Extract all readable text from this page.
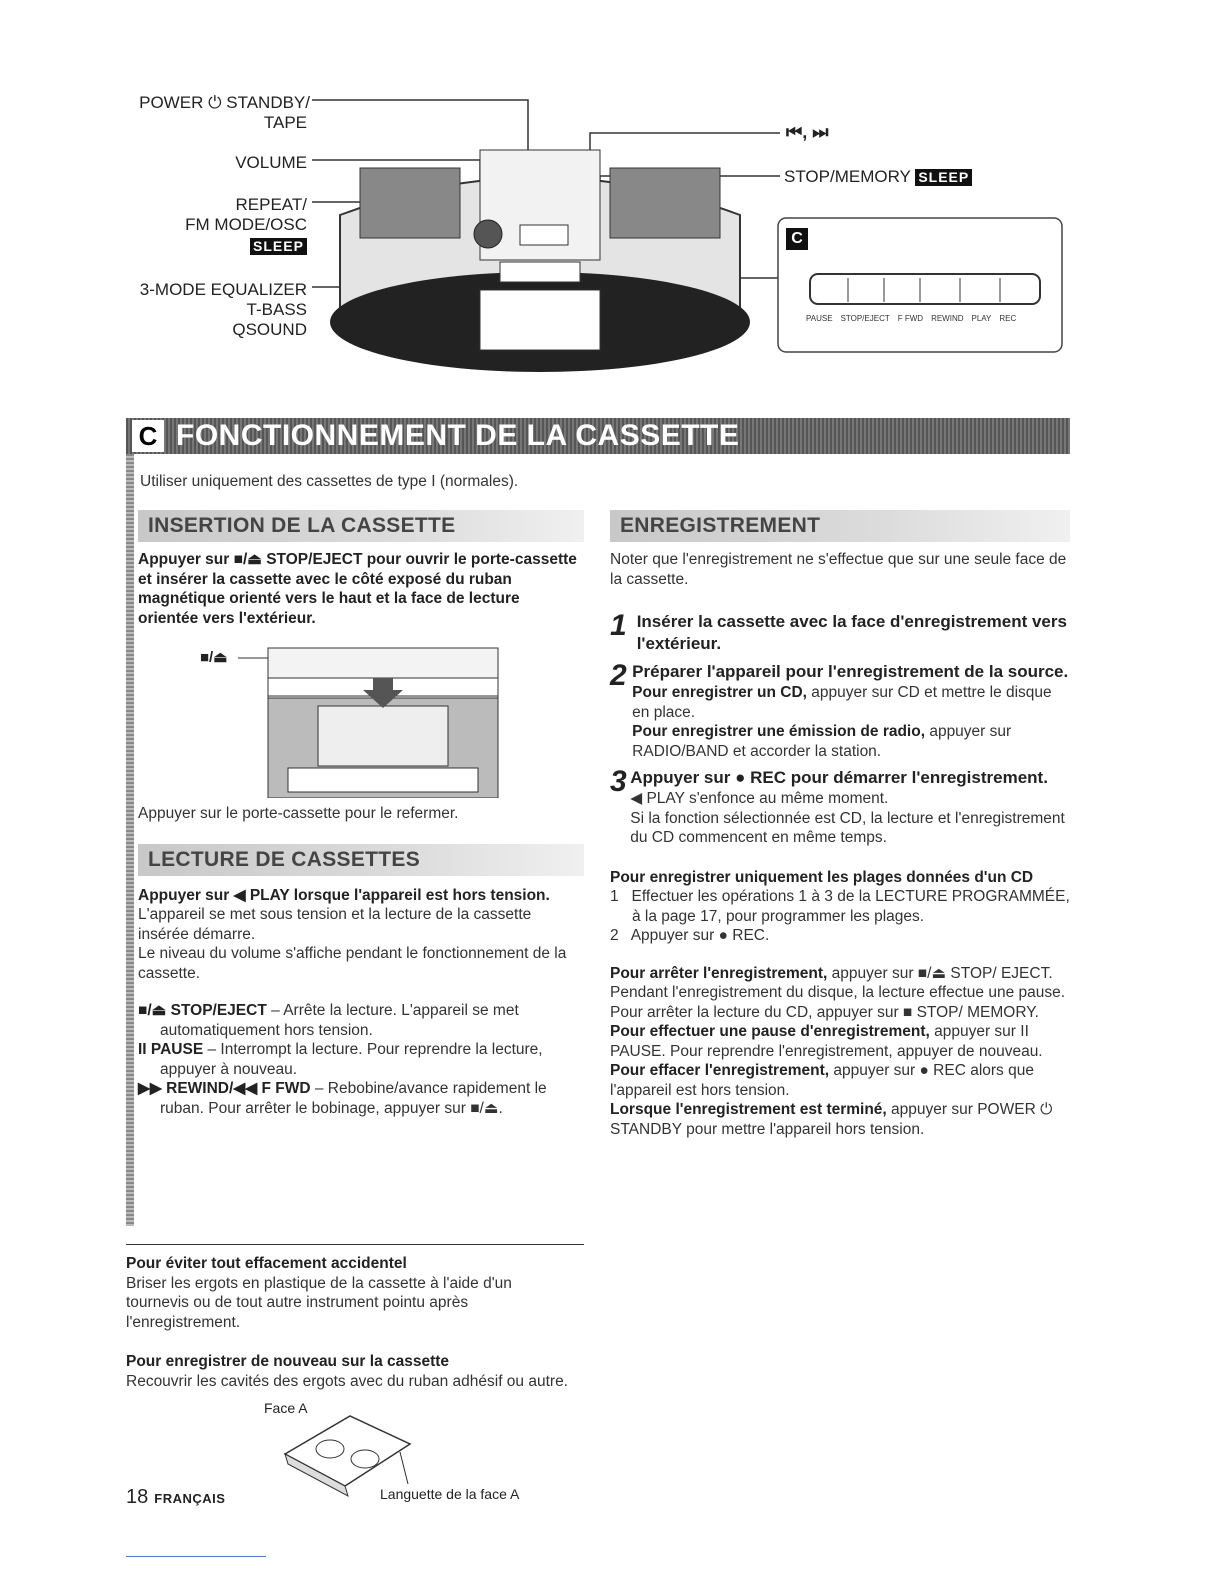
POWER ⏻ STANDBY/
TAPE
VOLUME
REPEAT/
FM MODE/OSC
SLEEP
3-MODE EQUALIZER
T-BASS
QSOUND
⏮, ⏭
STOP/MEMORY SLEEP
C
PAUSE STOP/EJECT F FWD REWIND PLAY REC
C FONCTIONNEMENT DE LA CASSETTE
Utiliser uniquement des cassettes de type I (normales).
INSERTION DE LA CASSETTE
Appuyer sur ■/⏏ STOP/EJECT pour ouvrir le porte-cassette et insérer la cassette avec le côté exposé du ruban magnétique orienté vers le haut et la face de lecture orientée vers l'extérieur.
■/⏏
Appuyer sur le porte-cassette pour le refermer.
LECTURE DE CASSETTES
Appuyer sur ◀ PLAY lorsque l'appareil est hors tension.
L'appareil se met sous tension et la lecture de la cassette insérée démarre.
Le niveau du volume s'affiche pendant le fonctionnement de la cassette.
■/⏏ STOP/EJECT – Arrête la lecture. L'appareil se met automatiquement hors tension.
II PAUSE – Interrompt la lecture. Pour reprendre la lecture, appuyer à nouveau.
▶▶ REWIND/◀◀ F FWD – Rebobine/avance rapidement le ruban. Pour arrêter le bobinage, appuyer sur ■/⏏.
Pour éviter tout effacement accidentel
Briser les ergots en plastique de la cassette à l'aide d'un tournevis ou de tout autre instrument pointu après l'enregistrement.
Pour enregistrer de nouveau sur la cassette
Recouvrir les cavités des ergots avec du ruban adhésif ou autre.
Face A
Languette de la face A
18 FRANÇAIS
ENREGISTREMENT
Noter que l'enregistrement ne s'effectue que sur une seule face de la cassette.
1 Insérer la cassette avec la face d'enregistrement vers l'extérieur.
2 Préparer l'appareil pour l'enregistrement de la source.
Pour enregistrer un CD, appuyer sur CD et mettre le disque en place.
Pour enregistrer une émission de radio, appuyer sur RADIO/BAND et accorder la station.
3 Appuyer sur ● REC pour démarrer l'enregistrement.
◀ PLAY s'enfonce au même moment.
Si la fonction sélectionnée est CD, la lecture et l'enregistrement du CD commencent en même temps.
Pour enregistrer uniquement les plages données d'un CD
1 Effectuer les opérations 1 à 3 de la LECTURE PROGRAMMÉE, à la page 17, pour programmer les plages.
2 Appuyer sur ● REC.
Pour arrêter l'enregistrement, appuyer sur ■/⏏ STOP/ EJECT.
Pendant l'enregistrement du disque, la lecture effectue une pause. Pour arrêter la lecture du CD, appuyer sur ■ STOP/ MEMORY.
Pour effectuer une pause d'enregistrement, appuyer sur II PAUSE. Pour reprendre l'enregistrement, appuyer de nouveau.
Pour effacer l'enregistrement, appuyer sur ● REC alors que l'appareil est hors tension.
Lorsque l'enregistrement est terminé, appuyer sur POWER ⏻ STANDBY pour mettre l'appareil hors tension.
